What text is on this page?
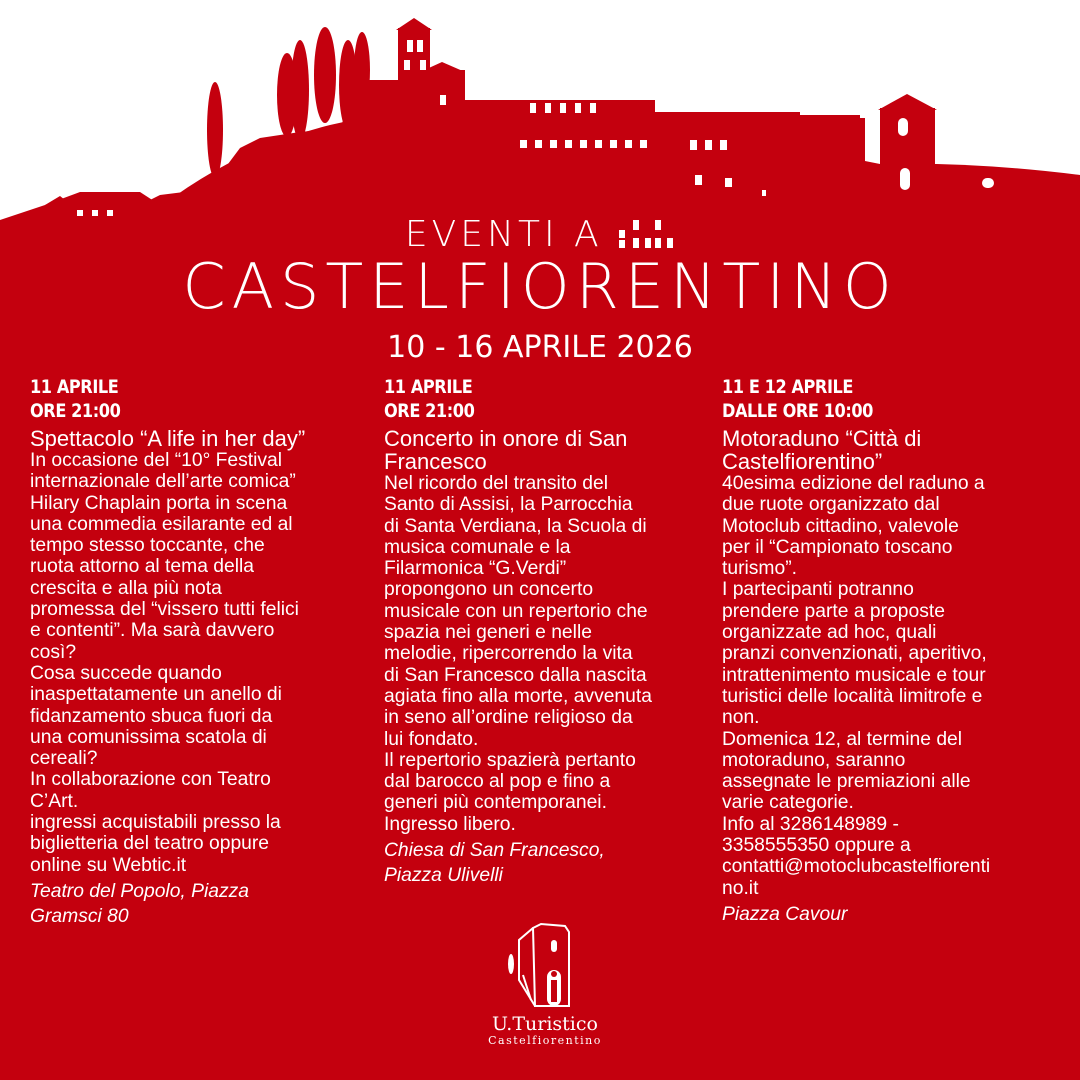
EVENTI A
CASTELFIORENTINO
10 - 16 APRILE 2026
11 APRILE
ORE 21:00
Spettacolo “A life in her day”
In occasione del “10° Festival
internazionale dell’arte comica”
Hilary Chaplain porta in scena
una commedia esilarante ed al
tempo stesso toccante, che
ruota attorno al tema della
crescita e alla più nota
promessa del “vissero tutti felici
e contenti”. Ma sarà davvero
così?
Cosa succede quando
inaspettatamente un anello di
fidanzamento sbuca fuori da
una comunissima scatola di
cereali?
In collaborazione con Teatro
C’Art.
ingressi acquistabili presso la
biglietteria del teatro oppure
online su Webtic.it
Teatro del Popolo, Piazza
Gramsci 80
11 APRILE
ORE 21:00
Concerto in onore di San
Francesco
Nel ricordo del transito del
Santo di Assisi, la Parrocchia
di Santa Verdiana, la Scuola di
musica comunale e la
Filarmonica “G.Verdi”
propongono un concerto
musicale con un repertorio che
spazia nei generi e nelle
melodie, ripercorrendo la vita
di San Francesco dalla nascita
agiata fino alla morte, avvenuta
in seno all’ordine religioso da
lui fondato.
Il repertorio spazierà pertanto
dal barocco al pop e fino a
generi più contemporanei.
Ingresso libero.
Chiesa di San Francesco,
Piazza Ulivelli
11 E 12 APRILE
DALLE ORE 10:00
Motoraduno “Città di
Castelfiorentino”
40esima edizione del raduno a
due ruote organizzato dal
Motoclub cittadino, valevole
per il “Campionato toscano
turismo”.
I partecipanti potranno
prendere parte a proposte
organizzate ad hoc, quali
pranzi convenzionati, aperitivo,
intrattenimento musicale e tour
turistici delle località limitrofe e
non.
Domenica 12, al termine del
motoraduno, saranno
assegnate le premiazioni alle
varie categorie.
Info al 3286148989 -
3358555350 oppure a
contatti@motoclubcastelfiorenti
no.it
Piazza Cavour
U.Turistico
Castelfiorentino
